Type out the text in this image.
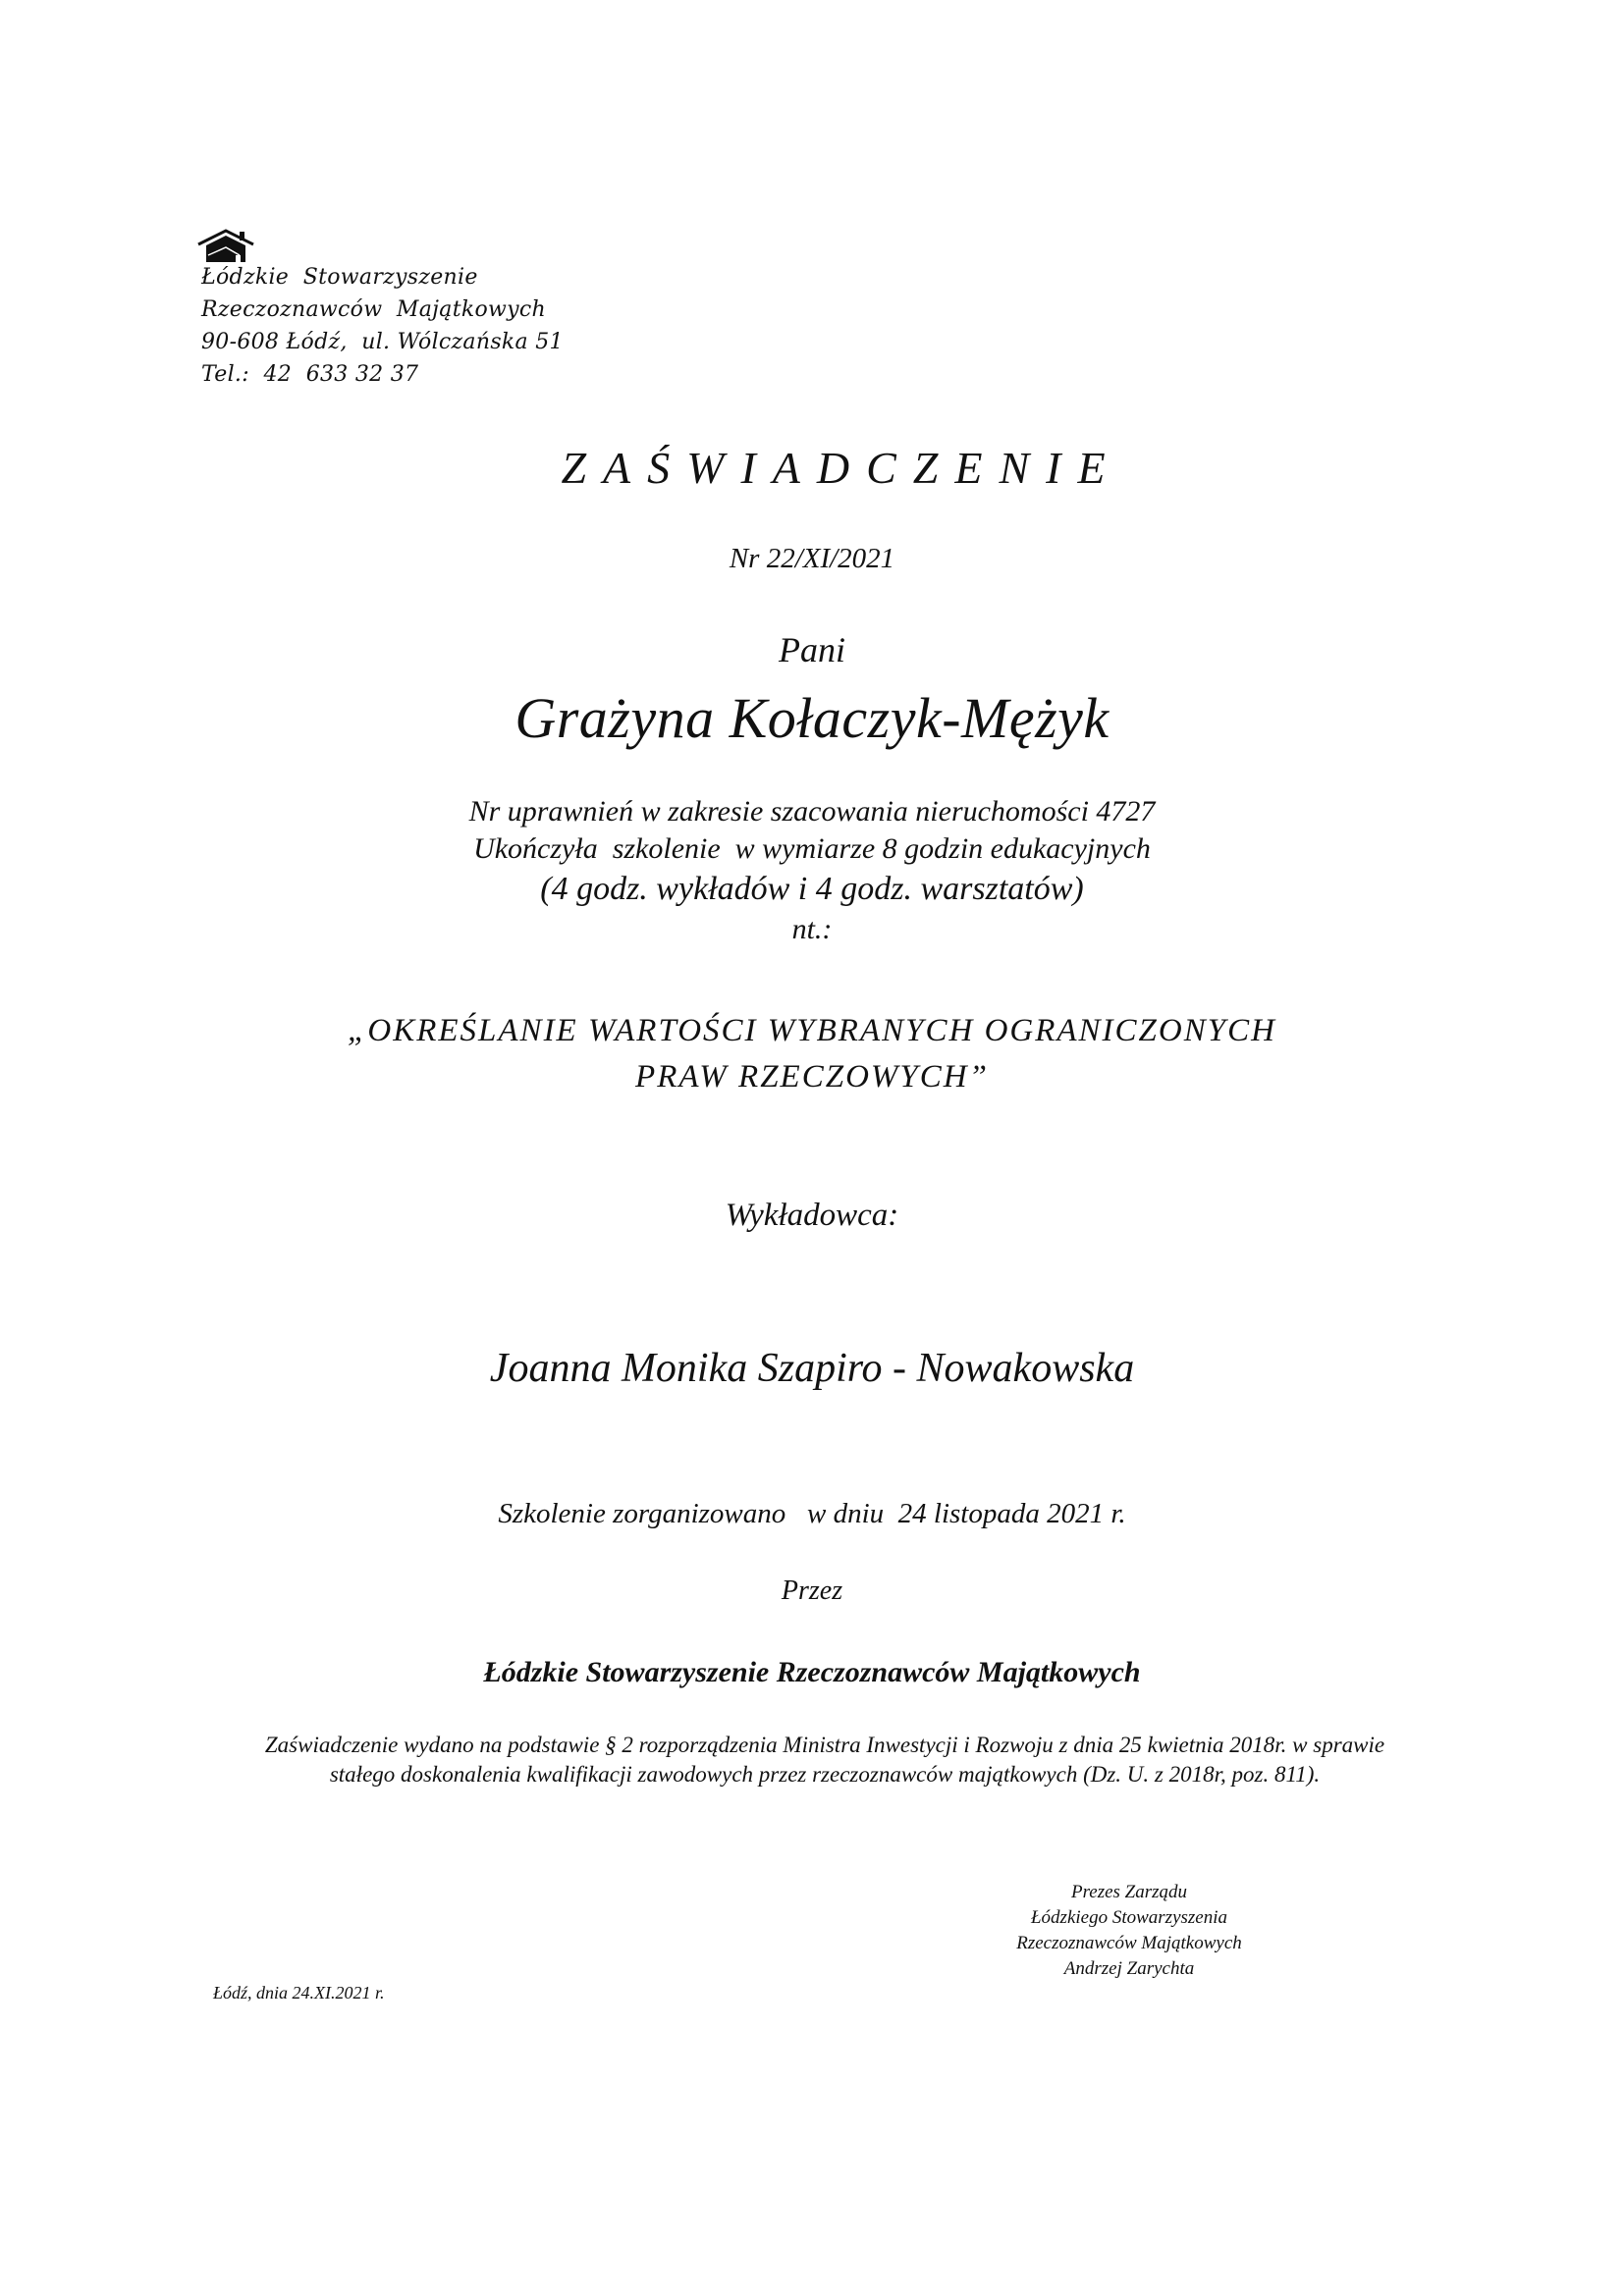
Łódzkie  Stowarzyszenie
Rzeczoznawców  Majątkowych
90-608 Łódź,  ul. Wólczańska 51
Tel.:  42  633 32 37
ZAŚWIADCZENIE
Nr 22/XI/2021
Pani
Grażyna Kołaczyk-Mężyk
Nr uprawnień w zakresie szacowania nieruchomości 4727
Ukończyła  szkolenie  w wymiarze 8 godzin edukacyjnych
(4 godz. wykładów i 4 godz. warsztatów)
nt.:
„OKREŚLANIE WARTOŚCI WYBRANYCH OGRANICZONYCH
PRAW RZECZOWYCH”
Wykładowca:
Joanna Monika Szapiro - Nowakowska
Szkolenie zorganizowano   w dniu  24 listopada 2021 r.
Przez
Łódzkie Stowarzyszenie Rzeczoznawców Majątkowych
Zaświadczenie wydano na podstawie § 2 rozporządzenia Ministra Inwestycji i Rozwoju z dnia 25 kwietnia 2018r. w sprawie stałego doskonalenia kwalifikacji zawodowych przez rzeczoznawców majątkowych (Dz. U. z 2018r, poz. 811).
Prezes Zarządu
Łódzkiego Stowarzyszenia
Rzeczoznawców Majątkowych
Andrzej Zarychta
Łódź, dnia 24.XI.2021 r.
